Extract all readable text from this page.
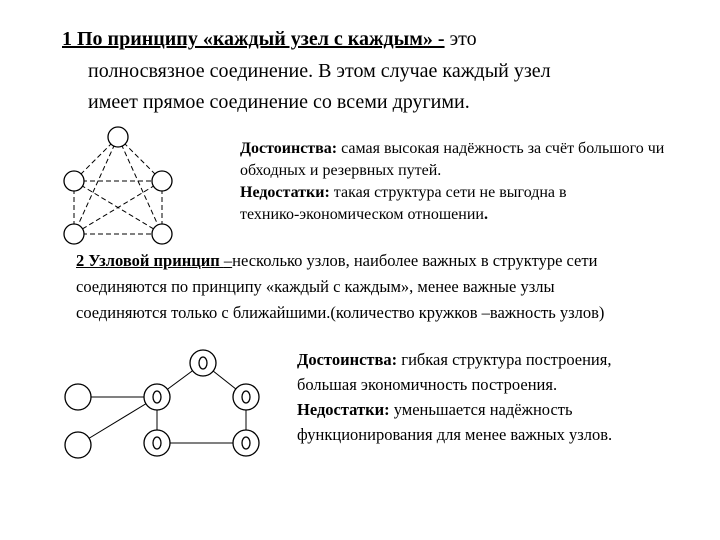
1 По принципу «каждый узел с каждым» - это
полносвязное соединение. В этом случае каждый узел
имеет прямое соединение со всеми другими.
Достоинства: самая высокая надёжность за счёт большого чи
обходных и резервных путей.
Недостатки: такая структура сети не выгодна в
технико-экономическом отношении.
2 Узловой принцип –несколько узлов, наиболее важных в структуре сети
соединяются по принципу «каждый с каждым», менее важные узлы
соединяются только с ближайшими.(количество кружков –важность узлов)
Достоинства: гибкая структура построения,
большая экономичность построения.
Недостатки: уменьшается надёжность
функционирования для менее важных узлов.
